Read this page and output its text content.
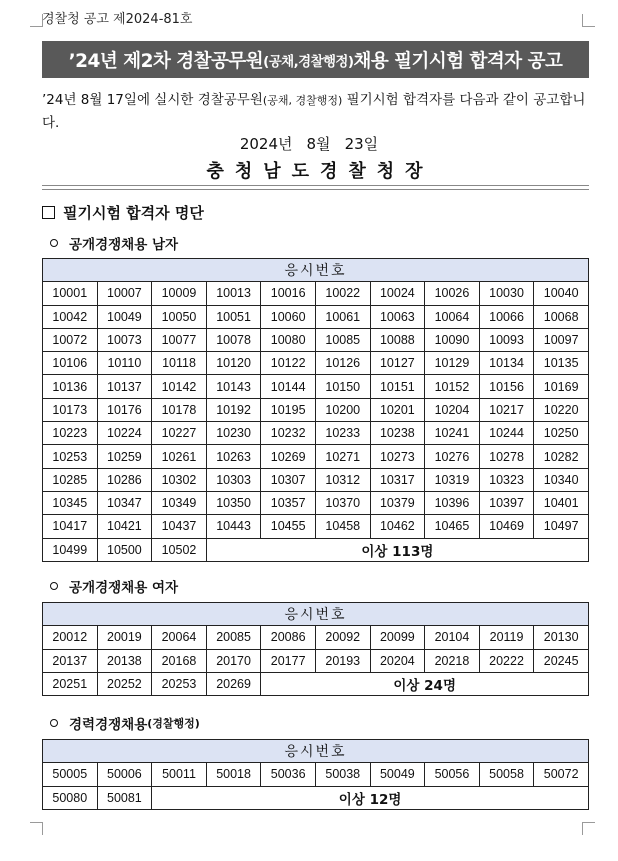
경찰청 공고 제2024-81호
’24년 제2차 경찰공무원 (공채,경찰행정) 채용 필기시험 합격자 공고
’24년 8월 17일에 실시한 경찰공무원(공채, 경찰행정) 필기시험 합격자를 다음과 같이 공고합니다.
2024년 8월 23일
충청남도경찰청장
필기시험 합격자 명단
공개경쟁채용 남자
응시번호									
10001	10007	10009	10013	10016	10022	10024	10026	10030	10040
10042	10049	10050	10051	10060	10061	10063	10064	10066	10068
10072	10073	10077	10078	10080	10085	10088	10090	10093	10097
10106	10110	10118	10120	10122	10126	10127	10129	10134	10135
10136	10137	10142	10143	10144	10150	10151	10152	10156	10169
10173	10176	10178	10192	10195	10200	10201	10204	10217	10220
10223	10224	10227	10230	10232	10233	10238	10241	10244	10250
10253	10259	10261	10263	10269	10271	10273	10276	10278	10282
10285	10286	10302	10303	10307	10312	10317	10319	10323	10340
10345	10347	10349	10350	10357	10370	10379	10396	10397	10401
10417	10421	10437	10443	10455	10458	10462	10465	10469	10497
10499	10500	10502	이상 113명						
공개경쟁채용 여자
응시번호									
20012	20019	20064	20085	20086	20092	20099	20104	20119	20130
20137	20138	20168	20170	20177	20193	20204	20218	20222	20245
20251	20252	20253	20269	이상 24명					
경력경쟁채용 (경찰행정)
응시번호									
50005	50006	50011	50018	50036	50038	50049	50056	50058	50072
50080	50081	이상 12명							
